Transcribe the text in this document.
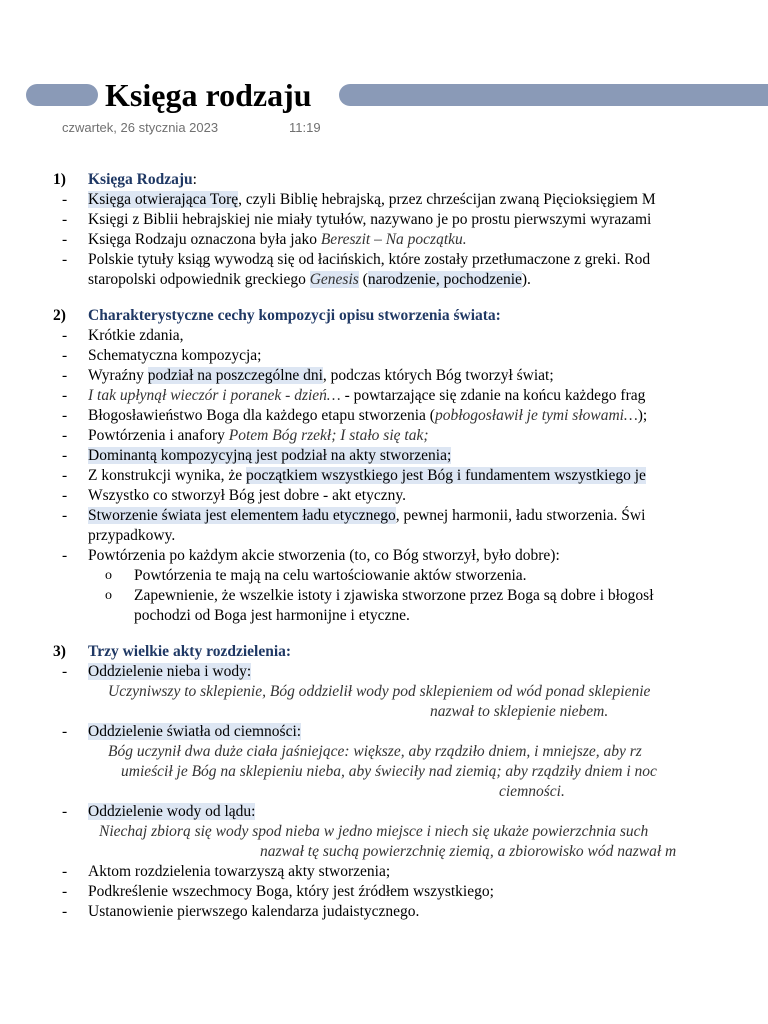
Księga rodzaju
czwartek, 26 stycznia 2023	11:19
1) Księga Rodzaju:
- Księga otwierająca Torę, czyli Biblię hebrajską, przez chrześcijan zwaną Pięcioksięgiem M
- Księgi z Biblii hebrajskiej nie miały tytułów, nazywano je po prostu pierwszymi wyrazami
- Księga Rodzaju oznaczona była jako Bereszit – Na początku.
- Polskie tytuły ksiąg wywodzą się od łacińskich, które zostały przetłumaczone z greki. Rod
staropolski odpowiednik greckiego Genesis (narodzenie, pochodzenie).
2) Charakterystyczne cechy kompozycji opisu stworzenia świata:
- Krótkie zdania,
- Schematyczna kompozycja;
- Wyraźny podział na poszczególne dni, podczas których Bóg tworzył świat;
- I tak upłynął wieczór i poranek - dzień… - powtarzające się zdanie na końcu każdego frag
- Błogosławieństwo Boga dla każdego etapu stworzenia (pobłogosławił je tymi słowami…);
- Powtórzenia i anafory Potem Bóg rzekł; I stało się tak;
- Dominantą kompozycyjną jest podział na akty stworzenia;
- Z konstrukcji wynika, że początkiem wszystkiego jest Bóg i fundamentem wszystkiego je
- Wszystko co stworzył Bóg jest dobre - akt etyczny.
- Stworzenie świata jest elementem ładu etycznego, pewnej harmonii, ładu stworzenia. Świ
przypadkowy.
- Powtórzenia po każdym akcie stworzenia (to, co Bóg stworzył, było dobre):
o Powtórzenia te mają na celu wartościowanie aktów stworzenia.
o Zapewnienie, że wszelkie istoty i zjawiska stworzone przez Boga są dobre i błogosł
pochodzi od Boga jest harmonijne i etyczne.
3) Trzy wielkie akty rozdzielenia:
- Oddzielenie nieba i wody:
Uczyniwszy to sklepienie, Bóg oddzielił wody pod sklepieniem od wód ponad sklepienie
nazwał to sklepienie niebem.
- Oddzielenie światła od ciemności:
Bóg uczynił dwa duże ciała jaśniejące: większe, aby rządziło dniem, i mniejsze, aby rz
umieścił je Bóg na sklepieniu nieba, aby świeciły nad ziemią; aby rządziły dniem i noc
ciemności.
- Oddzielenie wody od lądu:
Niechaj zbiorą się wody spod nieba w jedno miejsce i niech się ukaże powierzchnia such
nazwał tę suchą powierzchnię ziemią, a zbiorowisko wód nazwał m
- Aktom rozdzielenia towarzyszą akty stworzenia;
- Podkreślenie wszechmocy Boga, który jest źródłem wszystkiego;
- Ustanowienie pierwszego kalendarza judaistycznego.
